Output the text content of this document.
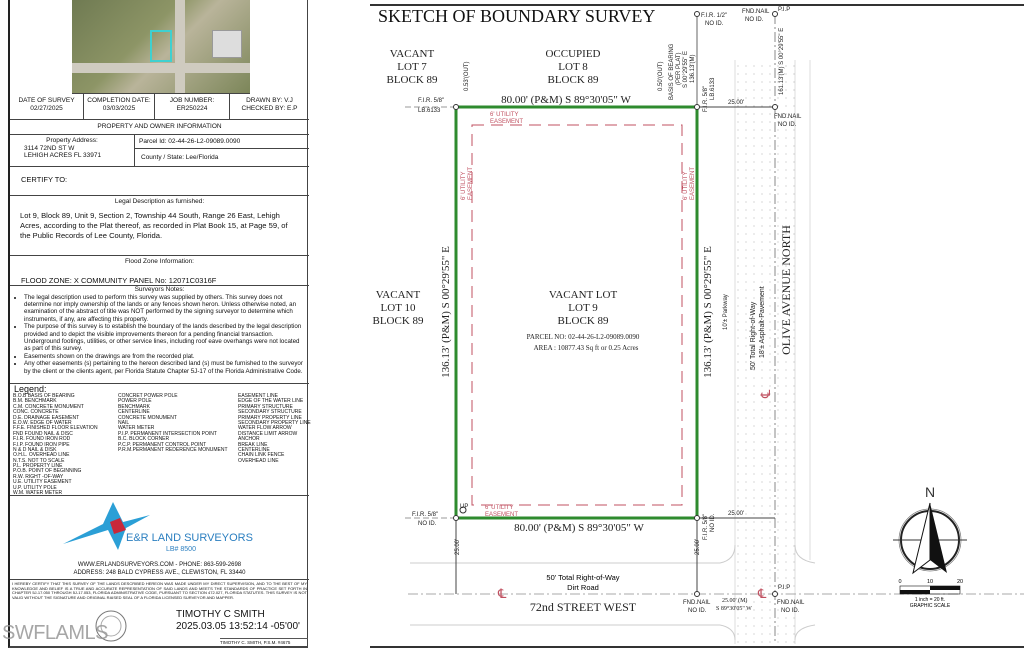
DATE OF SURVEY
02/27/2025
COMPLETION DATE:
03/03/2025
JOB NUMBER:
ER250224
DRAWN BY: V.J
CHECKED BY: E.P
PROPERTY AND OWNER INFORMATION
Property Address:
3114 72ND ST W
LEHIGH ACRES FL 33971
Parcel Id: 02-44-26-L2-09089.0090
County / State: Lee/Florida
CERTIFY TO:
Legal Description as furnished:
Lot 9, Block 89, Unit 9, Section 2, Township 44 South, Range 26 East, Lehigh Acres, according to the Plat thereof, as recorded in Plat Book 15, at Page 59, of the Public Records of Lee County, Florida.
Flood Zone Information:
FLOOD ZONE: X COMMUNITY PANEL No: 12071C0316F
Surveyors Notes:
• The legal description used to perform this survey was supplied by others. This survey does not determine nor imply ownership of the lands or any fences shown heron. Unless otherwise noted, an examination of the abstract of title was NOT performed by the signing surveyor to determine which instruments, if any, are affecting this property.
• The purpose of this survey is to establish the boundary of the lands described by the legal description provided and to depict the visible improvements thereon for a pending financial transaction. Underground footings, utilities, or other service lines, including roof eave overhangs were not located as part of this survey.
• Easements shown on the drawings are from the recorded plat.
• Any other easements (s) pertaining to the hereon described land (s) must be furnished to the surveyor by the client or the clients agent, per Florida Statute Chapter 5J-17 of the Florida Administrative Code.
Legend:
B.O.B BASIS OF BEARING
B.M. BENCHMARK
C.M. CONCRETE MONUMENT
CONC. CONCRETE
D.E. DRAINAGE EASEMENT
E.O.W. EDGE OF WATER
F.F.E. FINISHED FLOOR ELEVATION
FND FOUND NAIL & DISC
F.I.R. FOUND IRON ROD
F.I.P. FOUND IRON PIPE
N & D NAIL & DISK
O.H.L. OVERHEAD LINE
N.T.S. NOT TO SCALE
P.L. PROPERTY LINE
P.O.B. POINT OF BEGINNING
R.W. RIGHT -OF-WAY
U.E. UTILITY EASEMENT
U.P. UTILITY POLE
W.M. WATER METER
CONCRET POWER POLE
POWER POLE
BENCHMARK
CENTERLINE
CONCRETE MONUMENT
NAIL
WATER METER
P.I.P. PERMANENT INTERSECTION POINT
B.C. BLOCK CORNER
P.C.P. PERMANENT CONTROL POINT
P.R.M.PERMANENT REDERENCE MONUMENT
EASEMENT LINE
EDGE OF THE WATER LINE
PRIMARY STRUCTURE
SECONDARY STRUCTURE
PRIMARY PROPERTY LINE
SECONDARY PROPERTY LINE
WATER FLOW ARROW
DISTANCE LIMIT ARROW
ANCHOR
BREAK LINE
CENTERLINE
CHAIN LINK FENCE
OVERHEAD LINE
E&R LAND SURVEYORS
LB# 8500
WWW.ERLANDSURVEYORS.COM - PHONE: 863-599-2698
ADDRESS: 248 BALD CYPRESS AVE., CLEWISTON, FL 33440
I HEREBY CERTIFY THAT THIS SURVEY OF THE LANDS DESCRIBED HEREON WAS MADE UNDER MY DIRECT SUPERVISION, AND TO THE BEST OF MY KNOWLEDGE AND BELIEF IS A TRUE AND ACCURATE REPRESENTATION OF SAID LANDS AND MEETS THE STANDARDS OF PRACTICE SET FORTH IN CHAPTER 5J-17.050 THROUGH 5J-17.053, FLORIDA ADMINISTRATIVE CODE, PURSUANT TO SECTION 472.027, FLORIDA STATUTES. THIS SURVEY IS NOT VALID WITHOUT THE SIGNATURE AND ORIGINAL RAISED SEAL OF A FLORIDA LICENSED SURVEYOR AND MAPPER.
TIMOTHY C SMITH
2025.03.05 13:52:14 -05'00'
TIMOTHY C. SMITH, P.S.M. #4675
SWFLAMLS
SKETCH OF BOUNDARY SURVEY
F.I.R. 5/8"
LB.6133
F.I.R. 5/8"
NO ID.
F.I.R. 1/2"
NO ID.
FND.NAIL
NO ID.
P.I.P
FND.NAIL
NO ID.
25.00'
25.00'
UP
FND.NAIL
NO ID.
FND.NAIL
NO ID.
P.I.P
25.00' (M)
S 89°30'05" W
F.I.R. 5/8" LB.6133
F.I.R. 5/8" NO ID.
0.53'(OUT)	0.50'(OUT) BASIS OF BEARING (PER PLAT) S 00°29'55" E 136.13'(M)	161.13'(M) S 00°29'55" E
25.00'	25.00'
10'± Parkway	50' Total Right-of-Way 18'± Asphalt-Pavement
6' UTILITY
EASEMENT
6' UTILITY
EASEMENT
6' UTILITY EASEMENT	6' UTILITY EASEMENT
℄	℄
℄
VACANT
LOT 7
BLOCK 89
OCCUPIED
LOT 8
BLOCK 89
VACANT
LOT 10
BLOCK 89
VACANT LOT
LOT 9
BLOCK 89
PARCEL NO: 02-44-26-L2-09089.0090
AREA : 10877.43 Sq ft or 0.25 Acres
80.00' (P&M) S 89°30'05" W
80.00' (P&M) S 89°30'05" W
136.13' (P&M) S 00°29'55" E	136.13' (P&M) S 00°29'55" E	OLIVE AVENUE NORTH
72nd STREET WEST
50' Total Right-of-Way
Dirt Road
N
0	10	20
1 inch = 20 ft.
GRAPHIC SCALE
